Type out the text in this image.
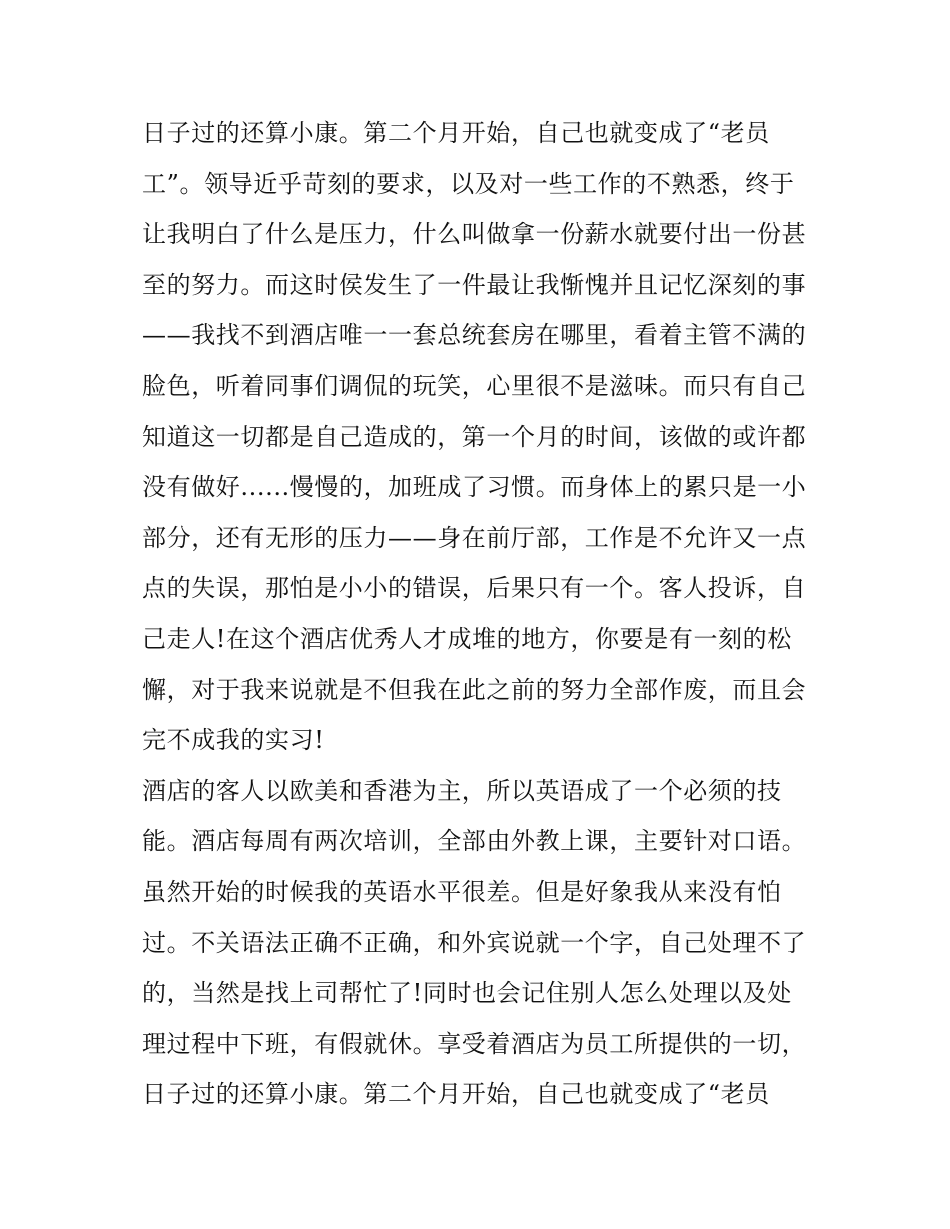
日子过的还算小康。第二个月开始，自己也就变成了“老员
工”。领导近乎苛刻的要求，以及对一些工作的不熟悉，终于
让我明白了什么是压力，什么叫做拿一份薪水就要付出一份甚
至的努力。而这时侯发生了一件最让我惭愧并且记忆深刻的事
——我找不到酒店唯一一套总统套房在哪里，看着主管不满的
脸色，听着同事们调侃的玩笑，心里很不是滋味。而只有自己
知道这一切都是自己造成的，第一个月的时间，该做的或许都
没有做好......慢慢的，加班成了习惯。而身体上的累只是一小
部分，还有无形的压力——身在前厅部，工作是不允许又一点
点的失误，那怕是小小的错误，后果只有一个。客人投诉，自
己走人!在这个酒店优秀人才成堆的地方，你要是有一刻的松
懈，对于我来说就是不但我在此之前的努力全部作废，而且会
完不成我的实习!
酒店的客人以欧美和香港为主，所以英语成了一个必须的技
能。酒店每周有两次培训，全部由外教上课，主要针对口语。
虽然开始的时候我的英语水平很差。但是好象我从来没有怕
过。不关语法正确不正确，和外宾说就一个字，自己处理不了
的，当然是找上司帮忙了!同时也会记住别人怎么处理以及处
理过程中下班，有假就休。享受着酒店为员工所提供的一切，
日子过的还算小康。第二个月开始，自己也就变成了“老员
